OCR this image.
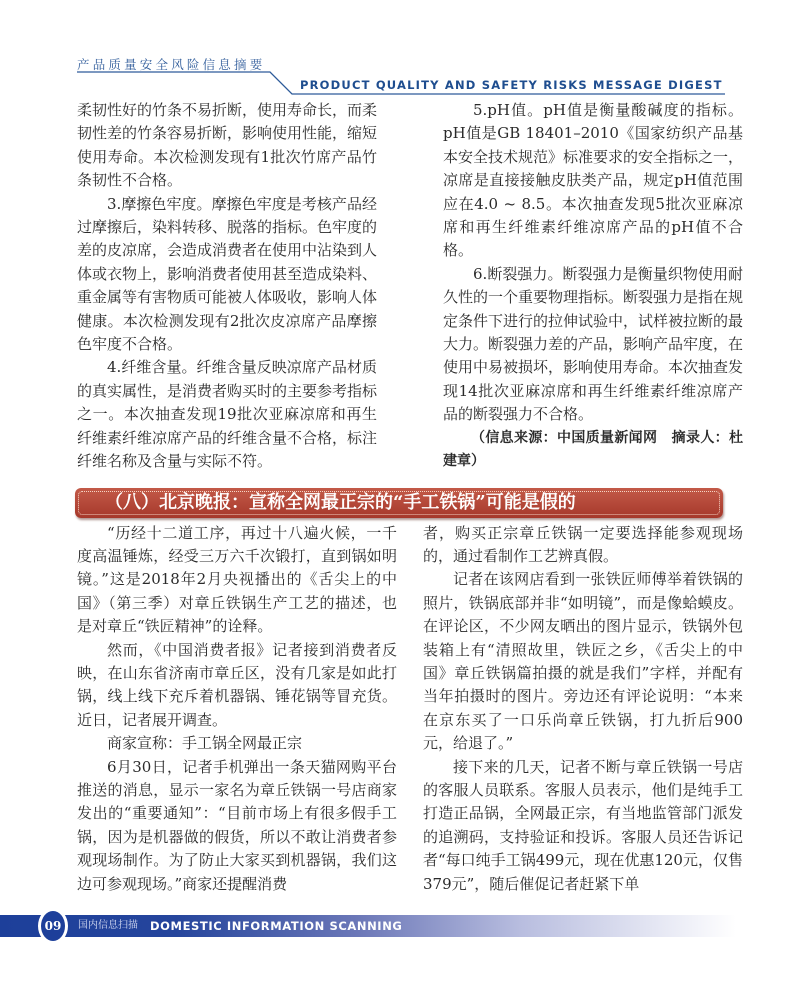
产品质量安全风险信息摘要
PRODUCT QUALITY AND SAFETY RISKS MESSAGE DIGEST

柔韧性好的竹条不易折断，使用寿命长，而柔韧性差的竹条容易折断，影响使用性能，缩短使用寿命。本次检测发现有1批次竹席产品竹条韧性不合格。

3.摩擦色牢度。摩擦色牢度是考核产品经过摩擦后，染料转移、脱落的指标。色牢度的差的皮凉席，会造成消费者在使用中沾染到人体或衣物上，影响消费者使用甚至造成染料、重金属等有害物质可能被人体吸收，影响人体健康。本次检测发现有2批次皮凉席产品摩擦色牢度不合格。

4.纤维含量。纤维含量反映凉席产品材质的真实属性，是消费者购买时的主要参考指标之一。本次抽查发现19批次亚麻凉席和再生纤维素纤维凉席产品的纤维含量不合格，标注纤维名称及含量与实际不符。

5.pH值。pH值是衡量酸碱度的指标。pH值是GB 18401–2010《国家纺织产品基本安全技术规范》标准要求的安全指标之一，凉席是直接接触皮肤类产品，规定pH值范围应在4.0 ~ 8.5。本次抽查发现5批次亚麻凉席和再生纤维素纤维凉席产品的pH值不合格。

6.断裂强力。断裂强力是衡量织物使用耐久性的一个重要物理指标。断裂强力是指在规定条件下进行的拉伸试验中，试样被拉断的最大力。断裂强力差的产品，影响产品牢度，在使用中易被损坏，影响使用寿命。本次抽查发现14批次亚麻凉席和再生纤维素纤维凉席产品的断裂强力不合格。

（信息来源：中国质量新闻网　摘录人：杜建章）

（八）北京晚报：宣称全网最正宗的“手工铁锅”可能是假的

“历经十二道工序，再过十八遍火候，一千度高温锤炼，经受三万六千次锻打，直到锅如明镜。”这是2018年2月央视播出的《舌尖上的中国》（第三季）对章丘铁锅生产工艺的描述，也是对章丘“铁匠精神”的诠释。

然而，《中国消费者报》记者接到消费者反映，在山东省济南市章丘区，没有几家是如此打锅，线上线下充斥着机器锅、锤花锅等冒充货。近日，记者展开调查。

商家宣称：手工锅全网最正宗

6月30日，记者手机弹出一条天猫网购平台推送的消息，显示一家名为章丘铁锅一号店商家发出的“重要通知”：“目前市场上有很多假手工锅，因为是机器做的假货，所以不敢让消费者参观现场制作。为了防止大家买到机器锅，我们这边可参观现场。”商家还提醒消费

者，购买正宗章丘铁锅一定要选择能参观现场的，通过看制作工艺辨真假。

记者在该网店看到一张铁匠师傅举着铁锅的照片，铁锅底部并非“如明镜”，而是像蛤蟆皮。在评论区，不少网友晒出的图片显示，铁锅外包装箱上有“清照故里，铁匠之乡，《舌尖上的中国》章丘铁锅篇拍摄的就是我们”字样，并配有当年拍摄时的图片。旁边还有评论说明：“本来在京东买了一口乐尚章丘铁锅，打九折后900元，给退了。”

接下来的几天，记者不断与章丘铁锅一号店的客服人员联系。客服人员表示，他们是纯手工打造正品锅，全网最正宗，有当地监管部门派发的追溯码，支持验证和投诉。客服人员还告诉记者“每口纯手工锅499元，现在优惠120元，仅售379元”，随后催促记者赶紧下单

09	国内信息扫描 DOMESTIC INFORMATION SCANNING
